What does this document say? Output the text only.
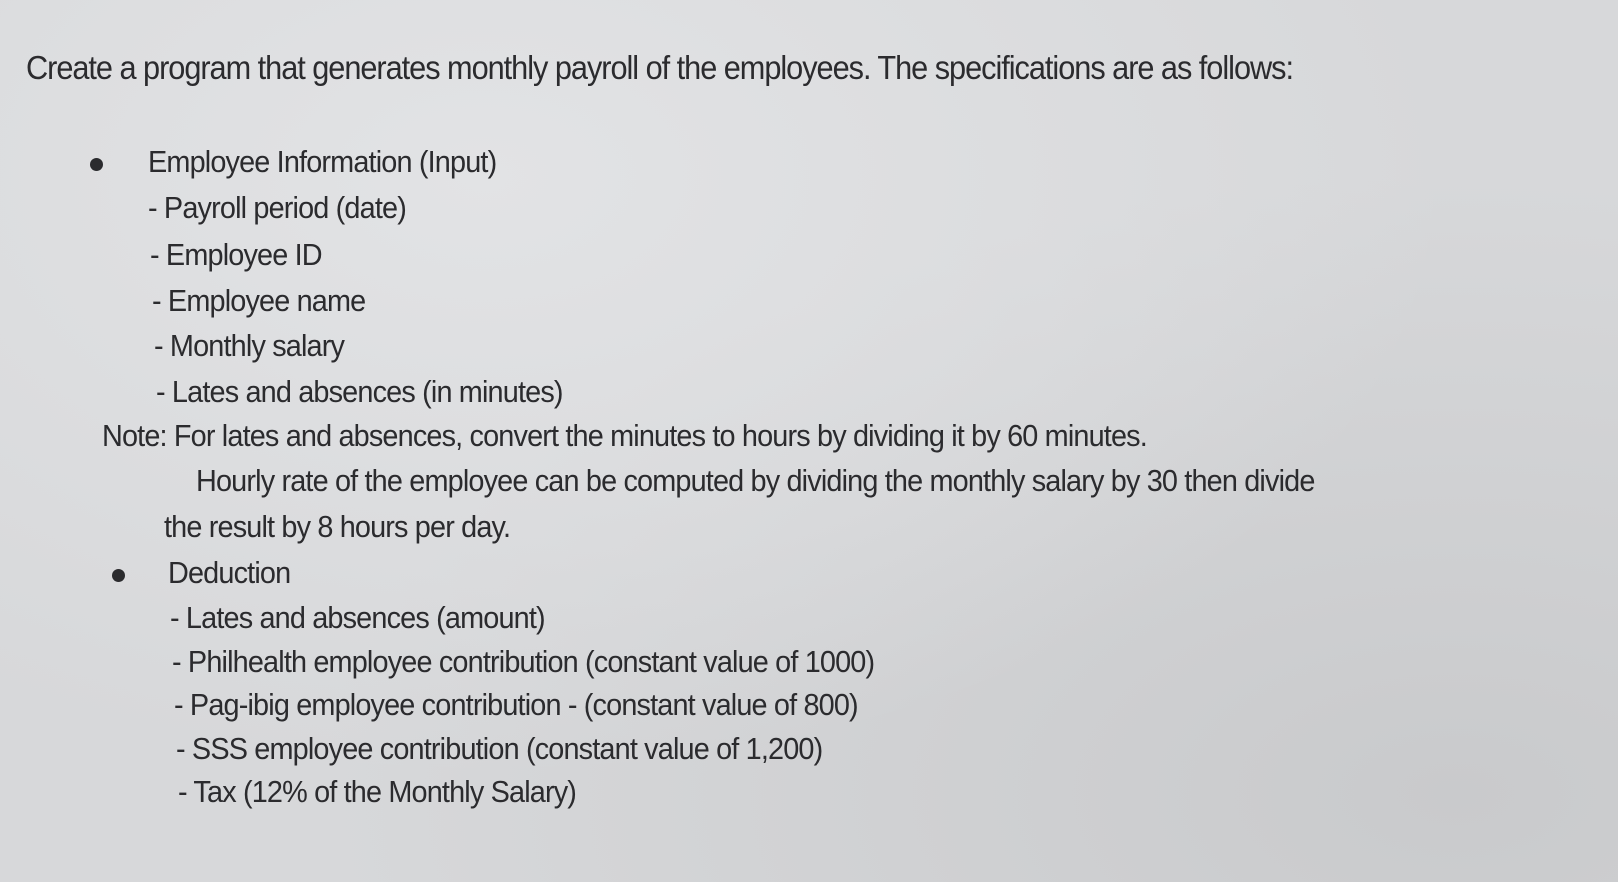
Create a program that generates monthly payroll of the employees. The specifications are as follows:
Employee Information (Input)
- Payroll period (date)
- Employee ID
- Employee name
- Monthly salary
- Lates and absences (in minutes)
Note: For lates and absences, convert the minutes to hours by dividing it by 60 minutes.
Hourly rate of the employee can be computed by dividing the monthly salary by 30 then divide
the result by 8 hours per day.
Deduction
- Lates and absences (amount)
- Philhealth employee contribution (constant value of 1000)
- Pag-ibig employee contribution - (constant value of 800)
- SSS employee contribution (constant value of 1,200)
- Tax (12% of the Monthly Salary)
